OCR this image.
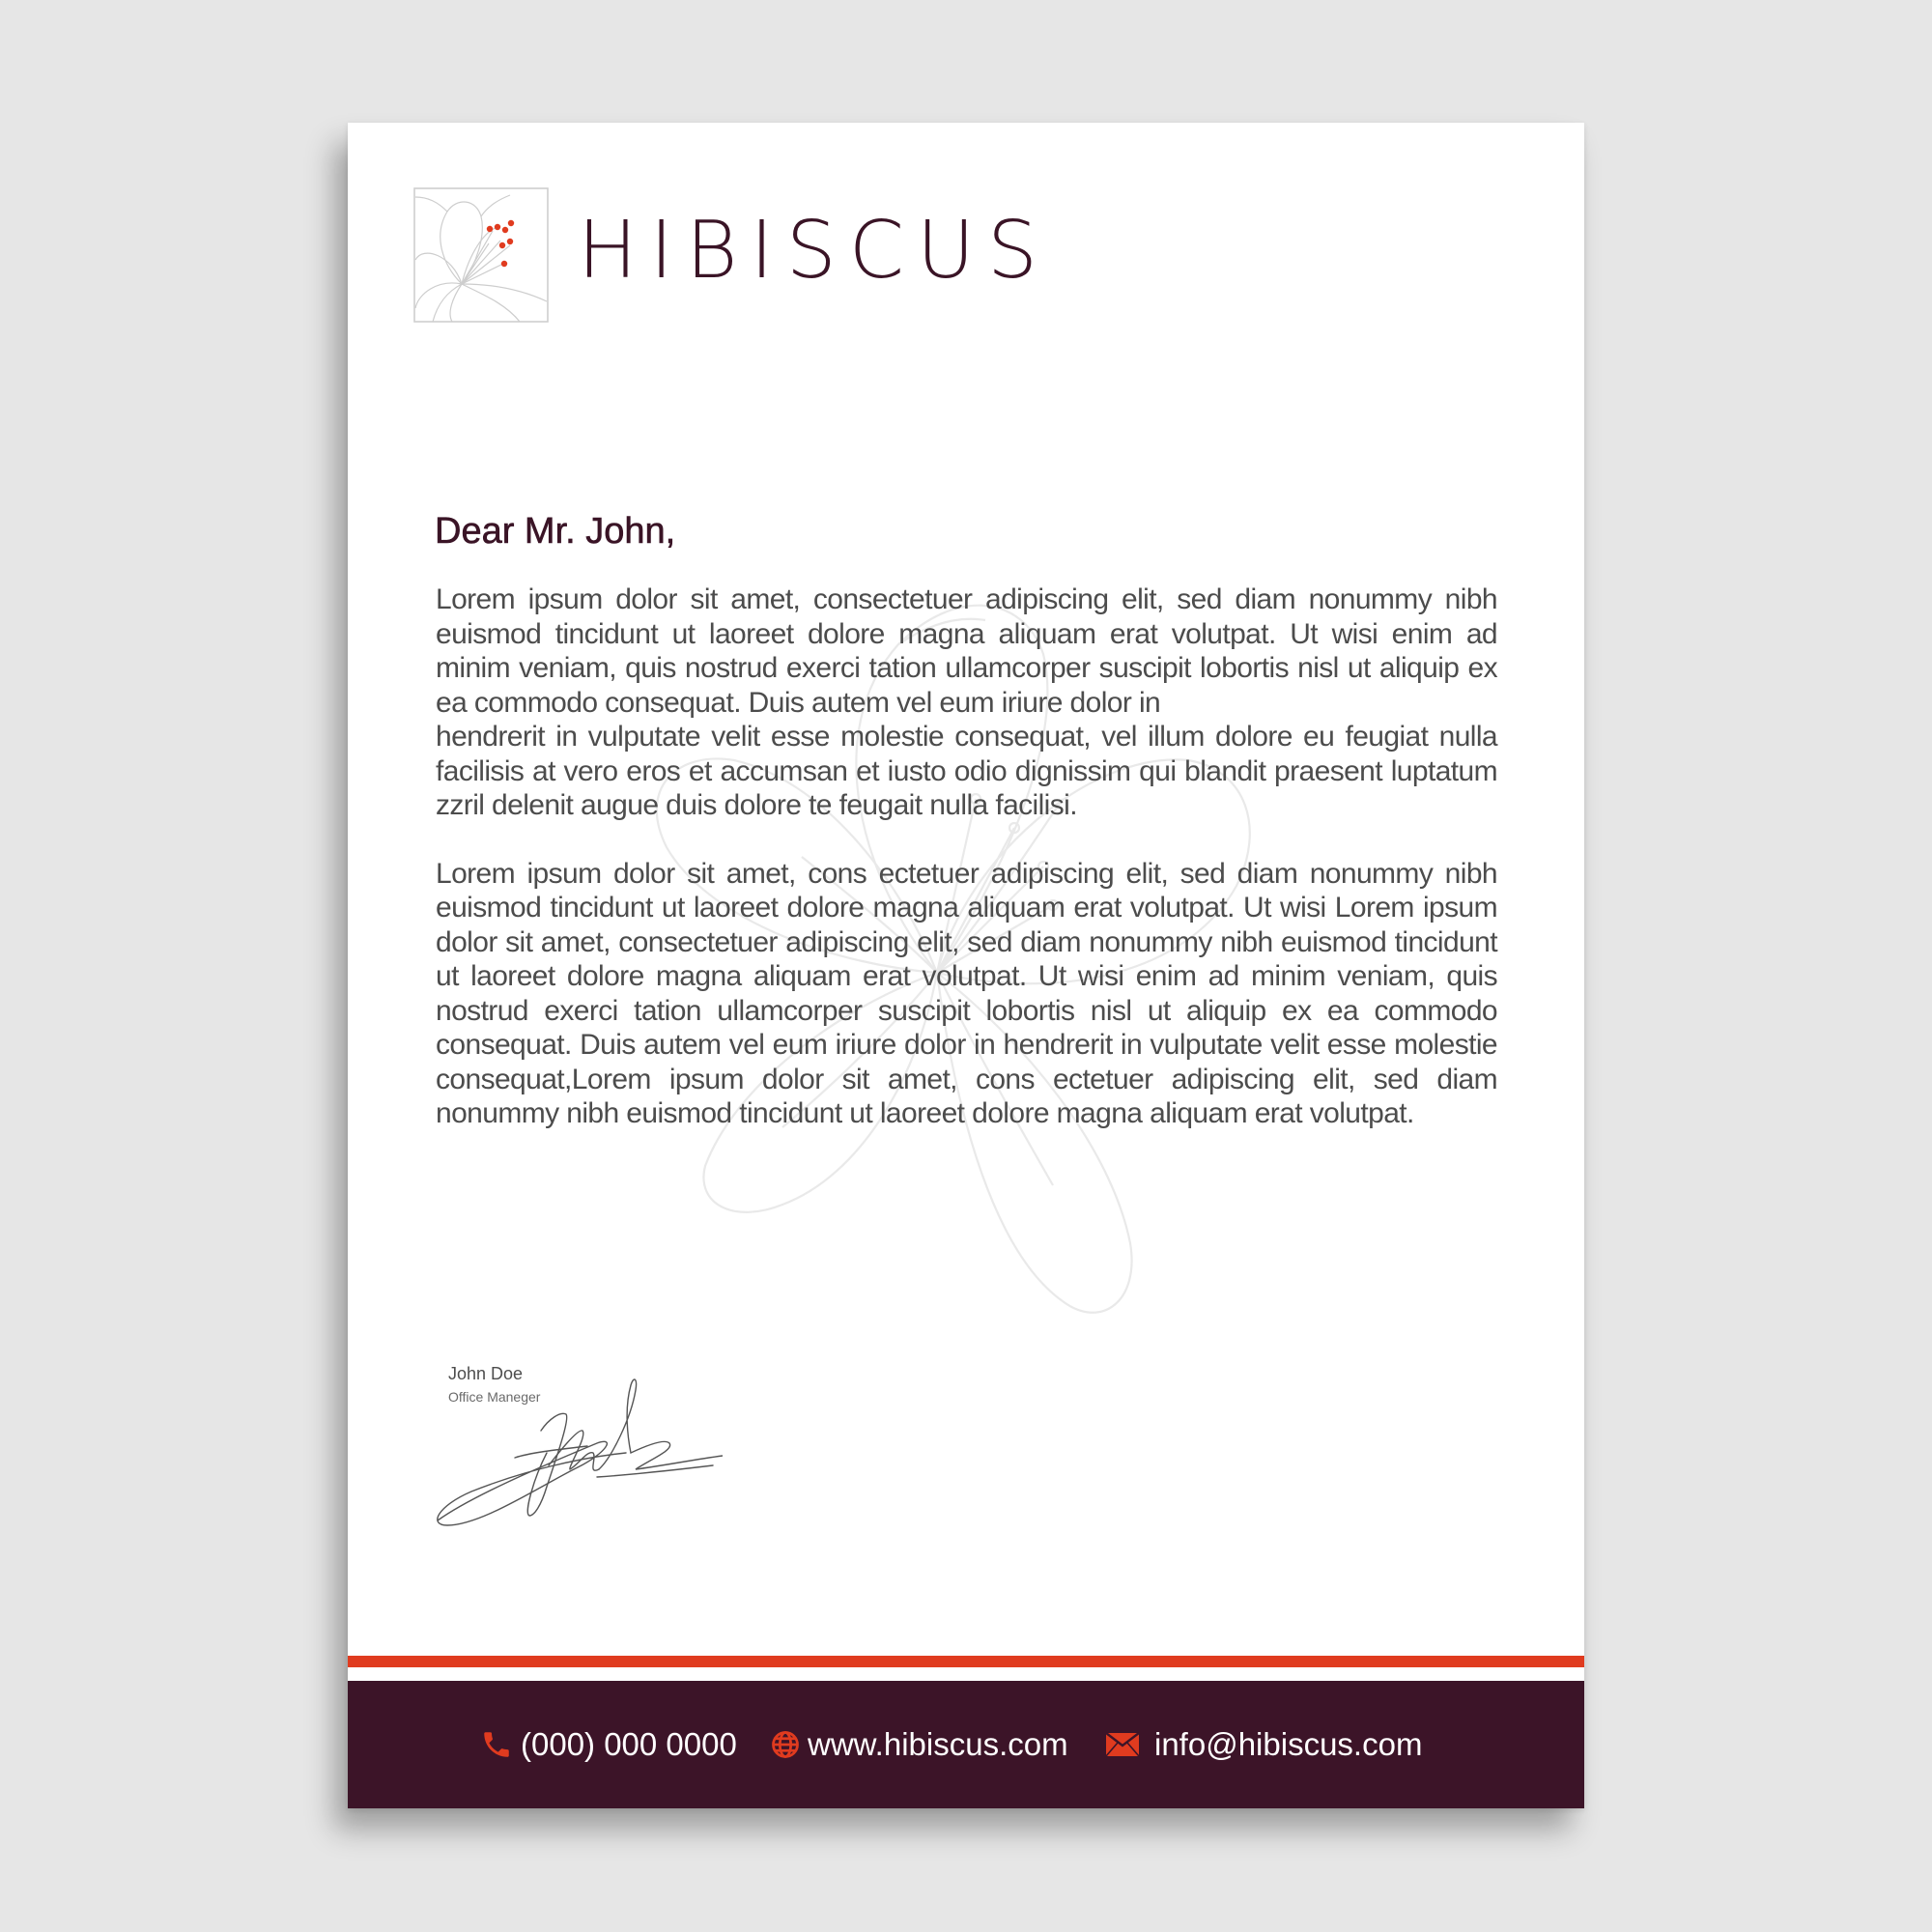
HIBISCUS
Dear Mr. John,

Lorem ipsum dolor sit amet, consectetuer adipiscing elit, sed diam nonummy nibh euismod tincidunt ut laoreet dolore magna aliquam erat volutpat. Ut wisi enim ad minim veniam, quis nostrud exerci tation ullamcorper suscipit lobortis nisl ut aliquip ex ea commodo consequat. Duis autem vel eum iriure dolor in
hendrerit in vulputate velit esse molestie consequat, vel illum dolore eu feugiat nulla facilisis at vero eros et accumsan et iusto odio dignissim qui blandit praesent luptatum zzril delenit augue duis dolore te feugait nulla facilisi.

Lorem ipsum dolor sit amet, cons ectetuer adipiscing elit, sed diam nonummy nibh euismod tincidunt ut laoreet dolore magna aliquam erat volutpat. Ut wisi Lorem ipsum dolor sit amet, consectetuer adipiscing elit, sed diam nonummy nibh euismod tincidunt ut laoreet dolore magna aliquam erat volutpat. Ut wisi enim ad minim veniam, quis nostrud exerci tation ullamcorper suscipit lobortis nisl ut aliquip ex ea commodo consequat. Duis autem vel eum iriure dolor in hendrerit in vulputate velit esse molestie consequat,Lorem ipsum dolor sit amet, cons ectetuer adipiscing elit, sed diam nonummy nibh euismod tincidunt ut laoreet dolore magna aliquam erat volutpat.

John Doe
Office Maneger
(000) 000 0000 www.hibiscus.com	info@hibiscus.com
